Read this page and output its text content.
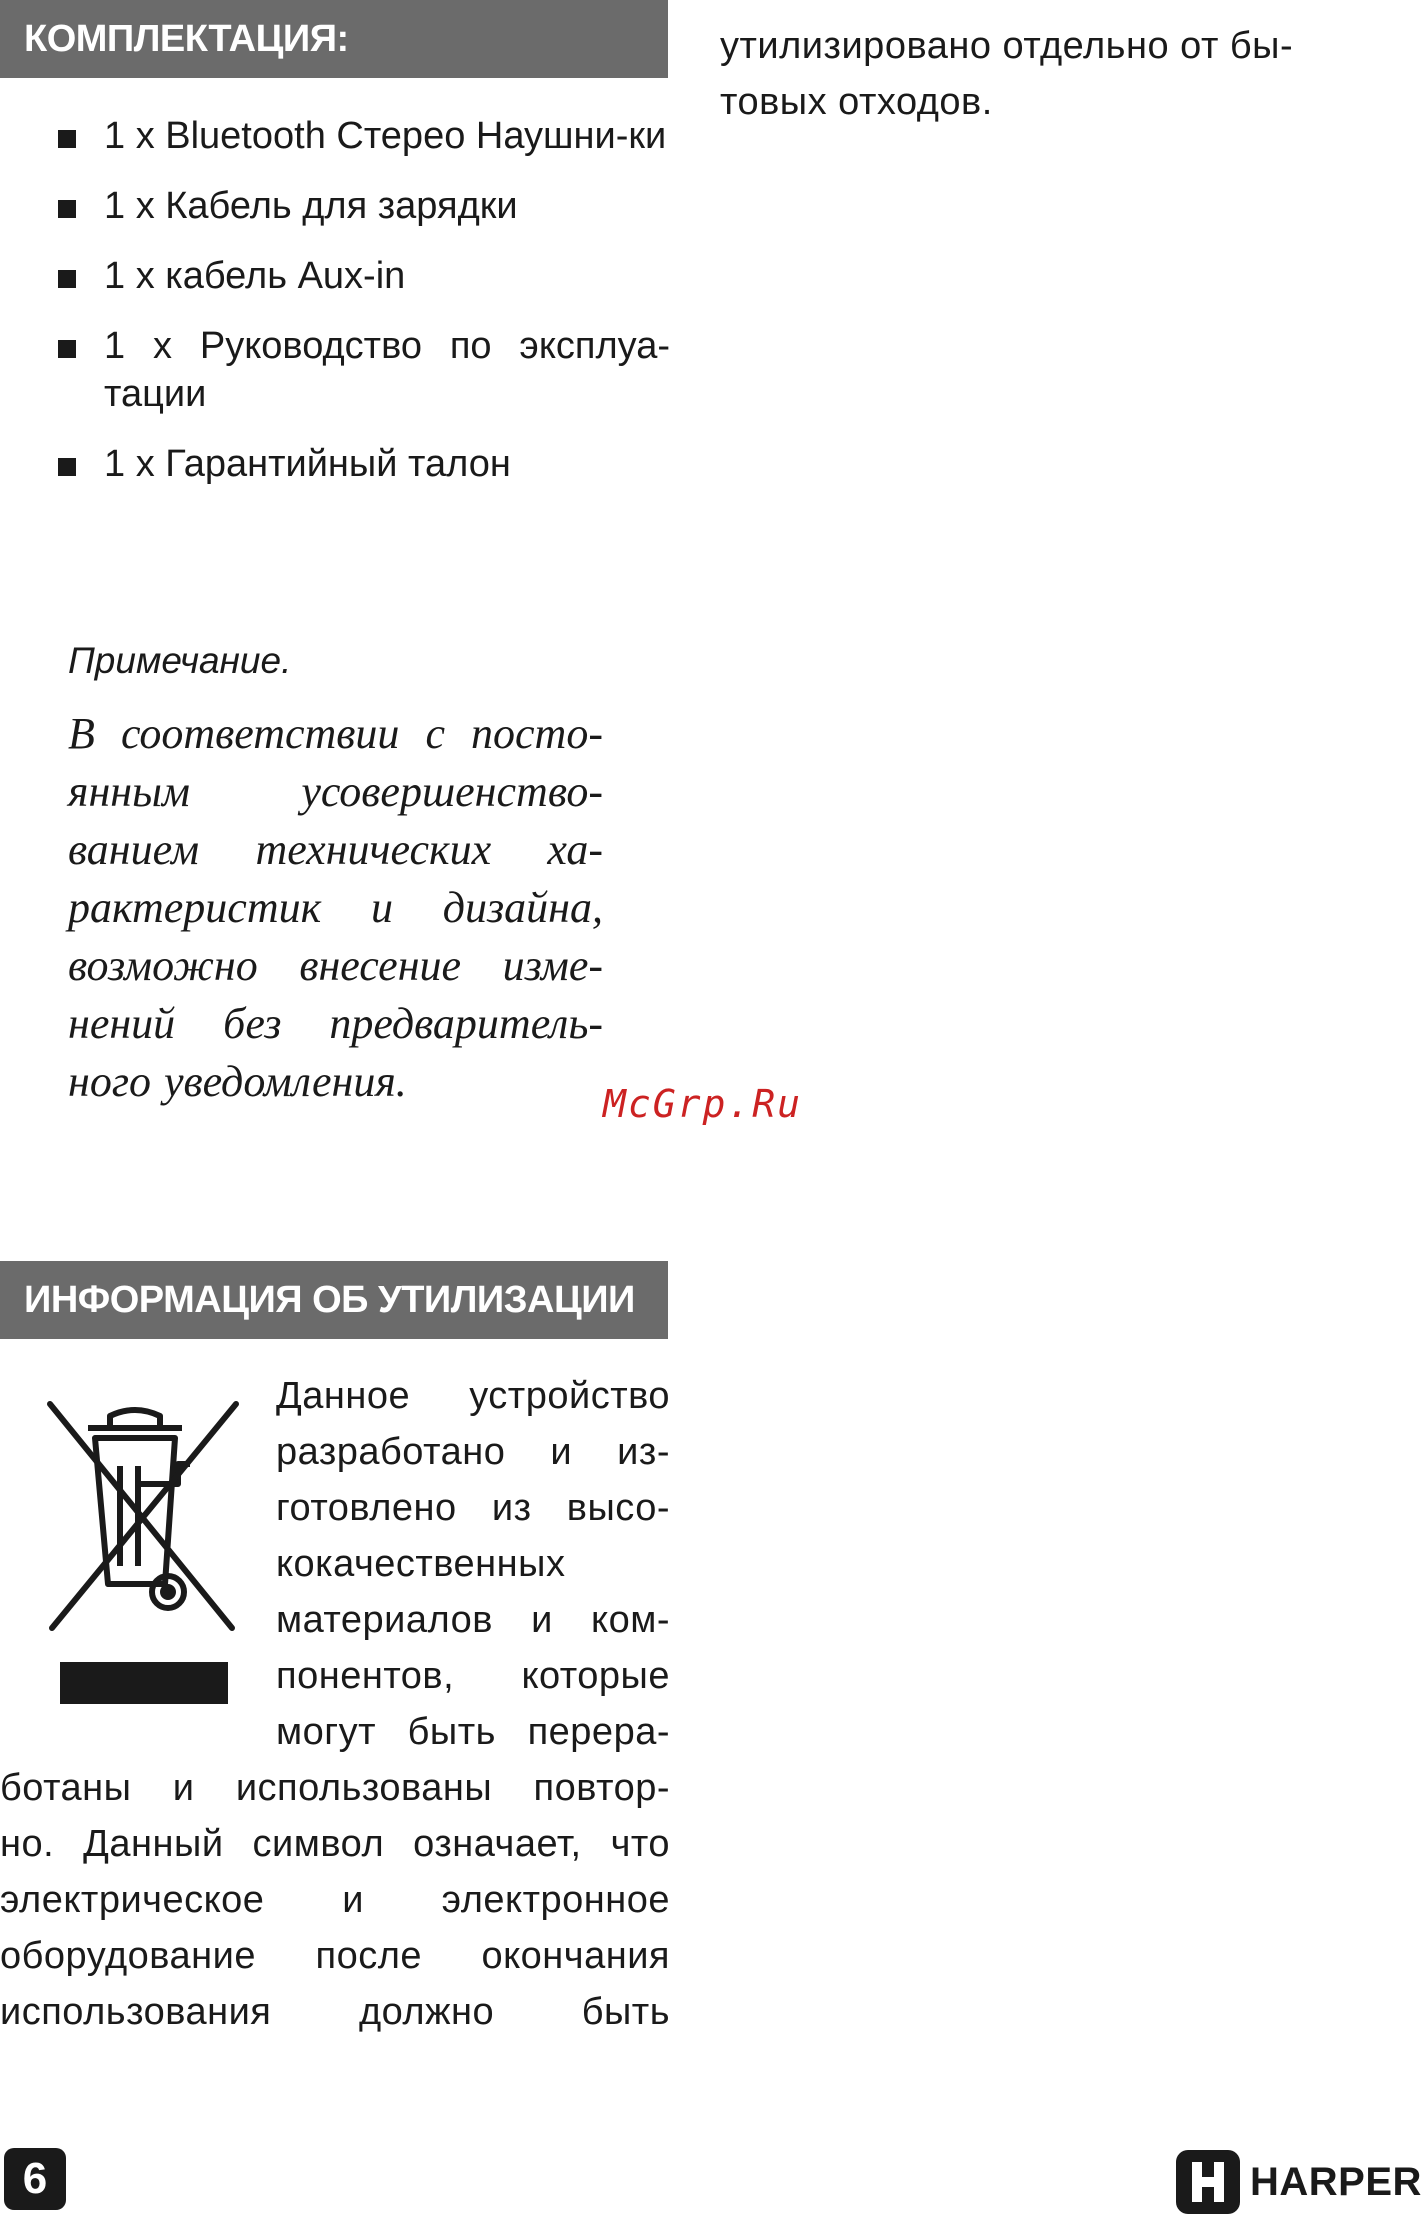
КОМПЛЕКТАЦИЯ:
1 х Bluetooth Стерео Наушни-ки
1 х Кабель для зарядки
1 х кабель Aux-in
1 х Руководство по эксплуа-тации
1 х Гарантийный талон
Примечание.
В соответствии с посто-янным усовершенство-ванием технических ха-рактеристик и дизайна, возможно внесение изме-нений без предваритель-ного уведомления.	McGrp.Ru
ИНФОРМАЦИЯ ОБ УТИЛИЗАЦИИ
Данное устройство
разработано и из-
готовлено из высо-
кокачественных
материалов и ком-
понентов, которые
могут быть перера-
ботаны и использованы повтор-
но. Данный символ означает, что
электрическое и электронное
оборудование после окончания
использования должно быть
утилизировано отдельно от бы-товых отходов.
6	HARPER
